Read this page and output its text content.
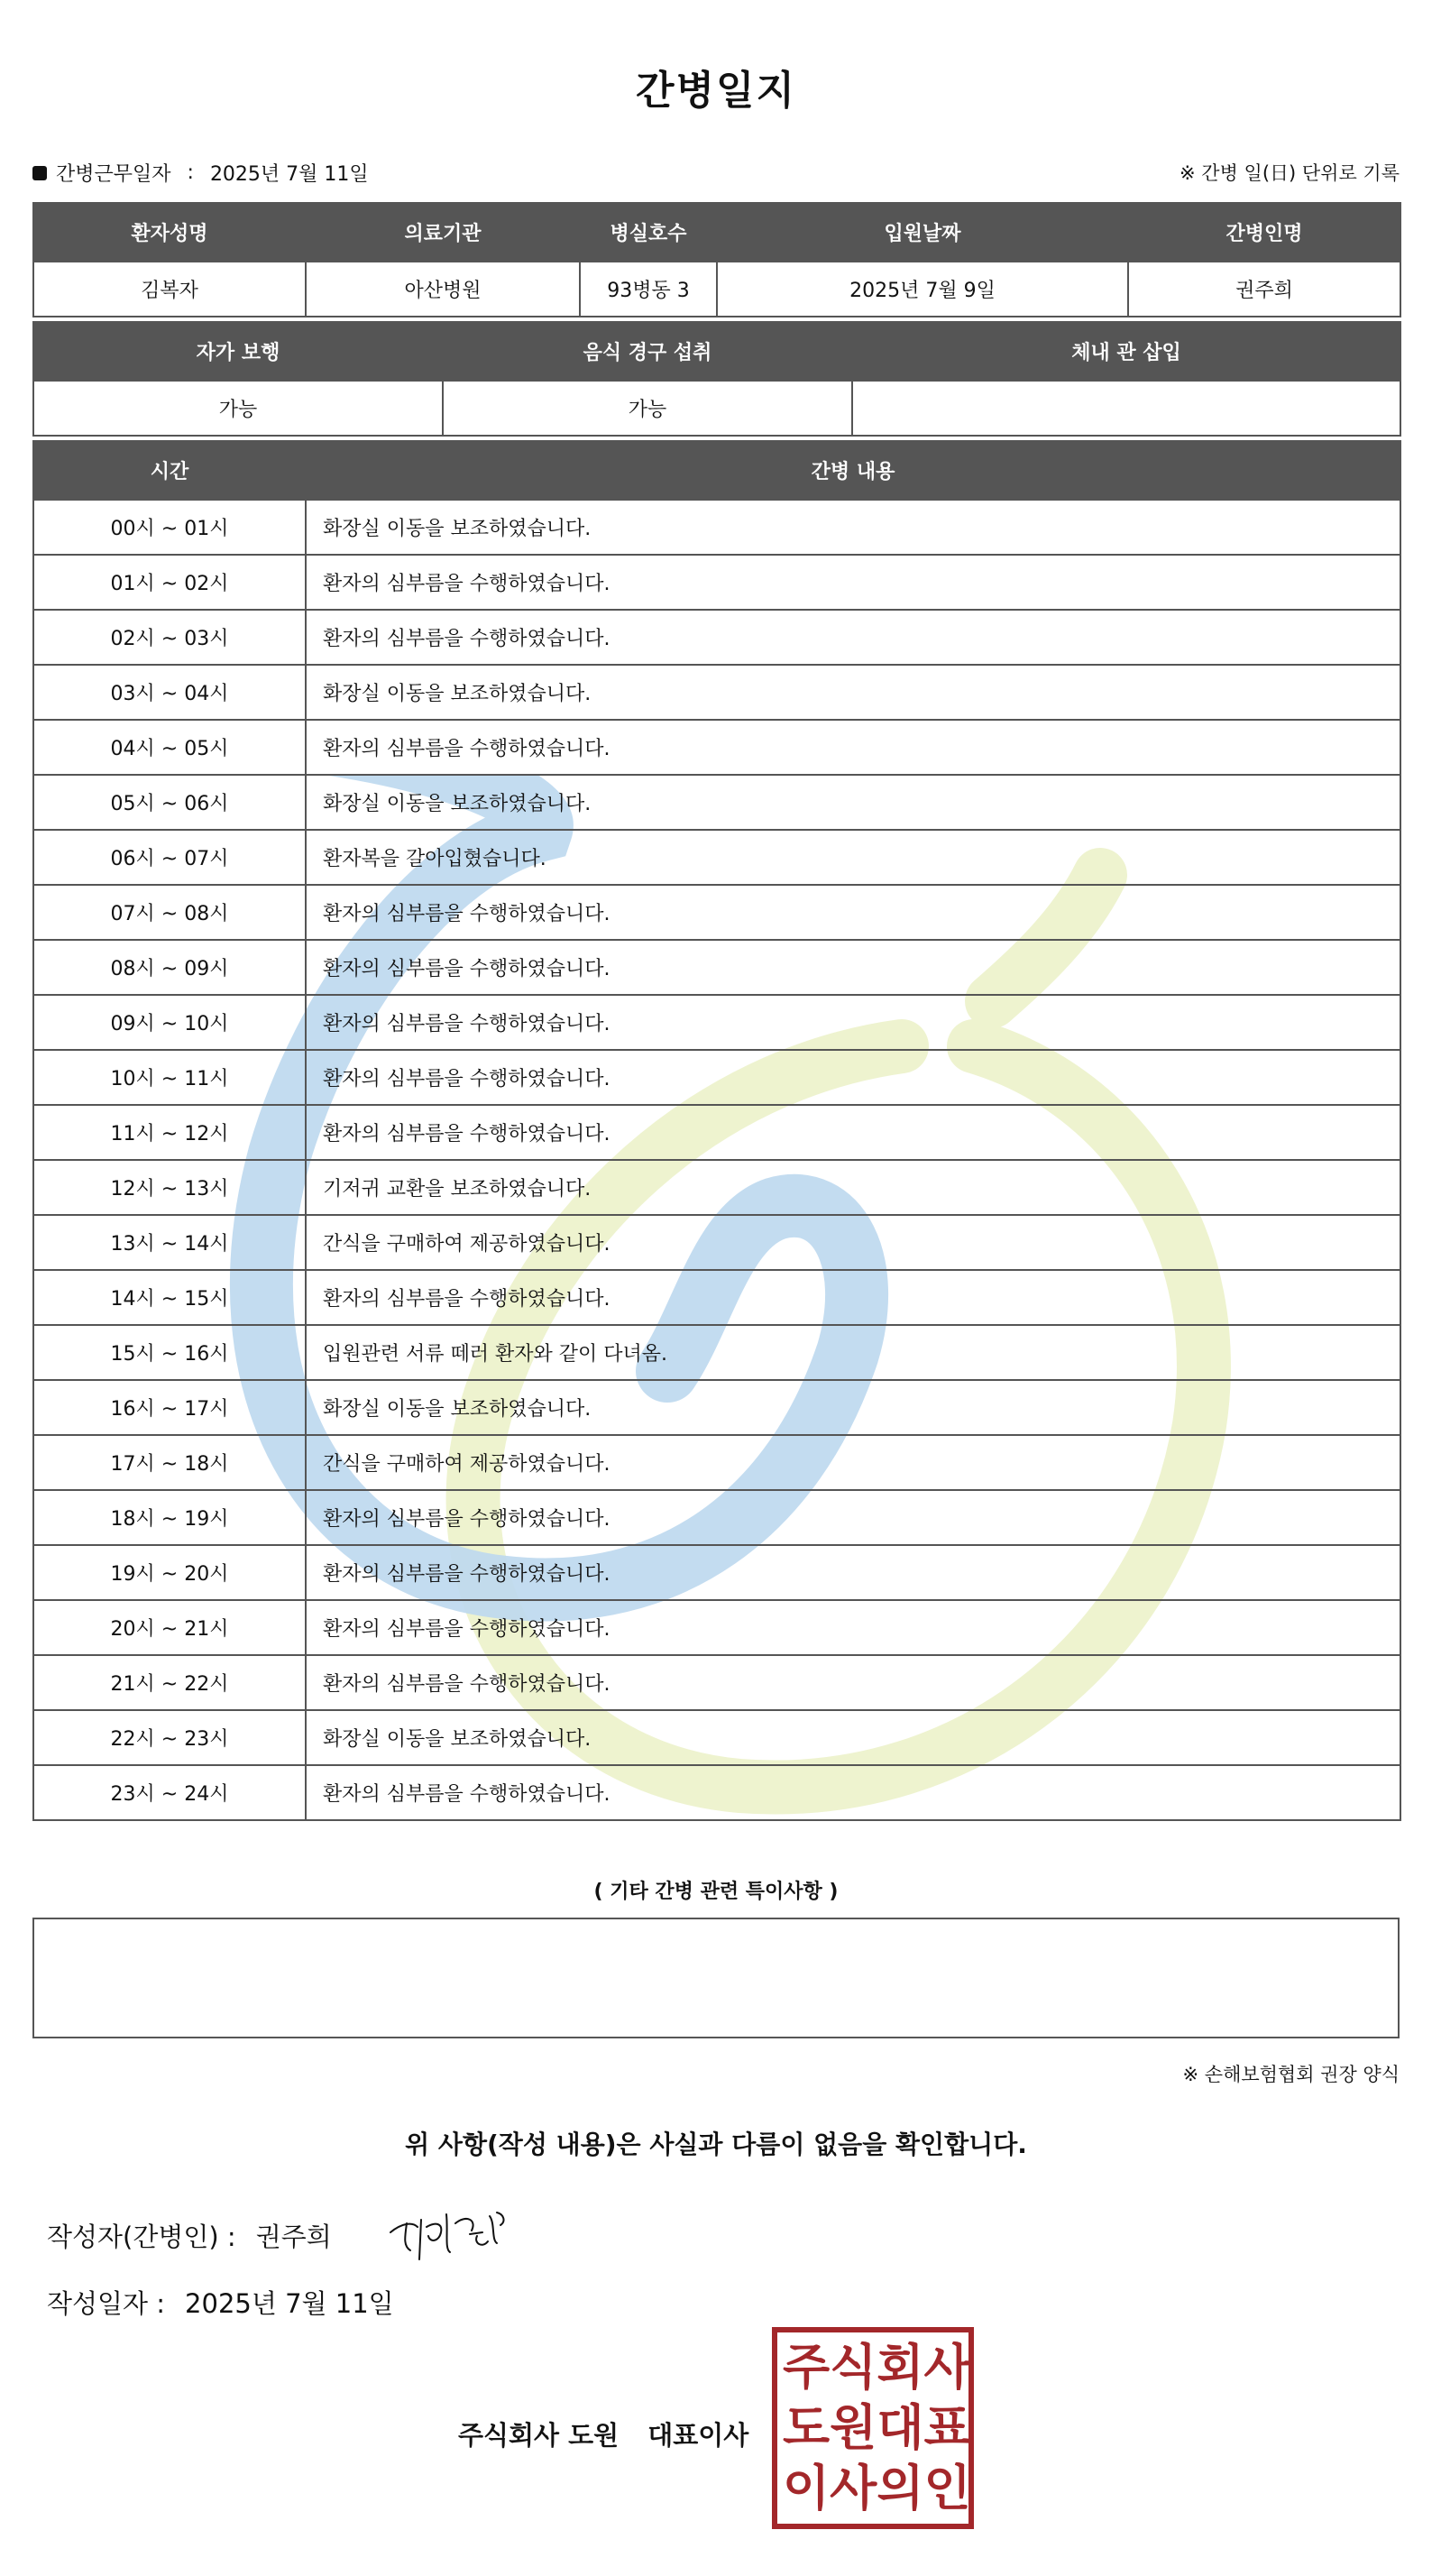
간병일지
간병근무일자 : 2025년 7월 11일	※ 간병 일(日) 단위로 기록
환자성명	의료기관	병실호수	입원날짜	간병인명
김복자	아산병원	93병동 3	2025년 7월 9일	권주희
자가 보행	음식 경구 섭취	체내 관 삽입
가능	가능	
시간	간병 내용
00시 ~ 01시	화장실 이동을 보조하였습니다.
01시 ~ 02시	환자의 심부름을 수행하였습니다.
02시 ~ 03시	환자의 심부름을 수행하였습니다.
03시 ~ 04시	화장실 이동을 보조하였습니다.
04시 ~ 05시	환자의 심부름을 수행하였습니다.
05시 ~ 06시	화장실 이동을 보조하였습니다.
06시 ~ 07시	환자복을 갈아입혔습니다.
07시 ~ 08시	환자의 심부름을 수행하였습니다.
08시 ~ 09시	환자의 심부름을 수행하였습니다.
09시 ~ 10시	환자의 심부름을 수행하였습니다.
10시 ~ 11시	환자의 심부름을 수행하였습니다.
11시 ~ 12시	환자의 심부름을 수행하였습니다.
12시 ~ 13시	기저귀 교환을 보조하였습니다.
13시 ~ 14시	간식을 구매하여 제공하였습니다.
14시 ~ 15시	환자의 심부름을 수행하였습니다.
15시 ~ 16시	입원관련 서류 떼러 환자와 같이 다녀옴.
16시 ~ 17시	화장실 이동을 보조하였습니다.
17시 ~ 18시	간식을 구매하여 제공하였습니다.
18시 ~ 19시	환자의 심부름을 수행하였습니다.
19시 ~ 20시	환자의 심부름을 수행하였습니다.
20시 ~ 21시	환자의 심부름을 수행하였습니다.
21시 ~ 22시	환자의 심부름을 수행하였습니다.
22시 ~ 23시	화장실 이동을 보조하였습니다.
23시 ~ 24시	환자의 심부름을 수행하였습니다.
( 기타 간병 관련 특이사항 )
※ 손해보험협회 권장 양식
위 사항(작성 내용)은 사실과 다름이 없음을 확인합니다.
작성자(간병인) : 권주희
작성일자 : 2025년 7월 11일
주식회사 도원 대표이사
주 식 회 사
도 원 대 표
이 사 의 인
